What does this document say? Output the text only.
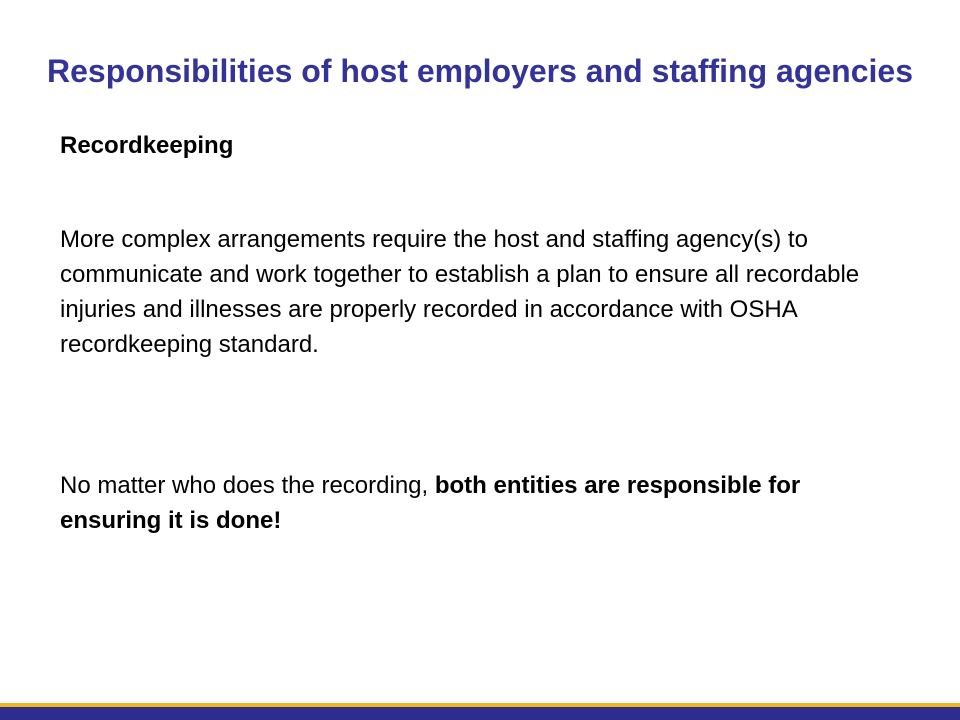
Responsibilities of host employers and staffing agencies

Recordkeeping

More complex arrangements require the host and staffing agency(s) to communicate and work together to establish a plan to ensure all recordable injuries and illnesses are properly recorded in accordance with OSHA recordkeeping standard.

No matter who does the recording, both entities are responsible for ensuring it is done!
